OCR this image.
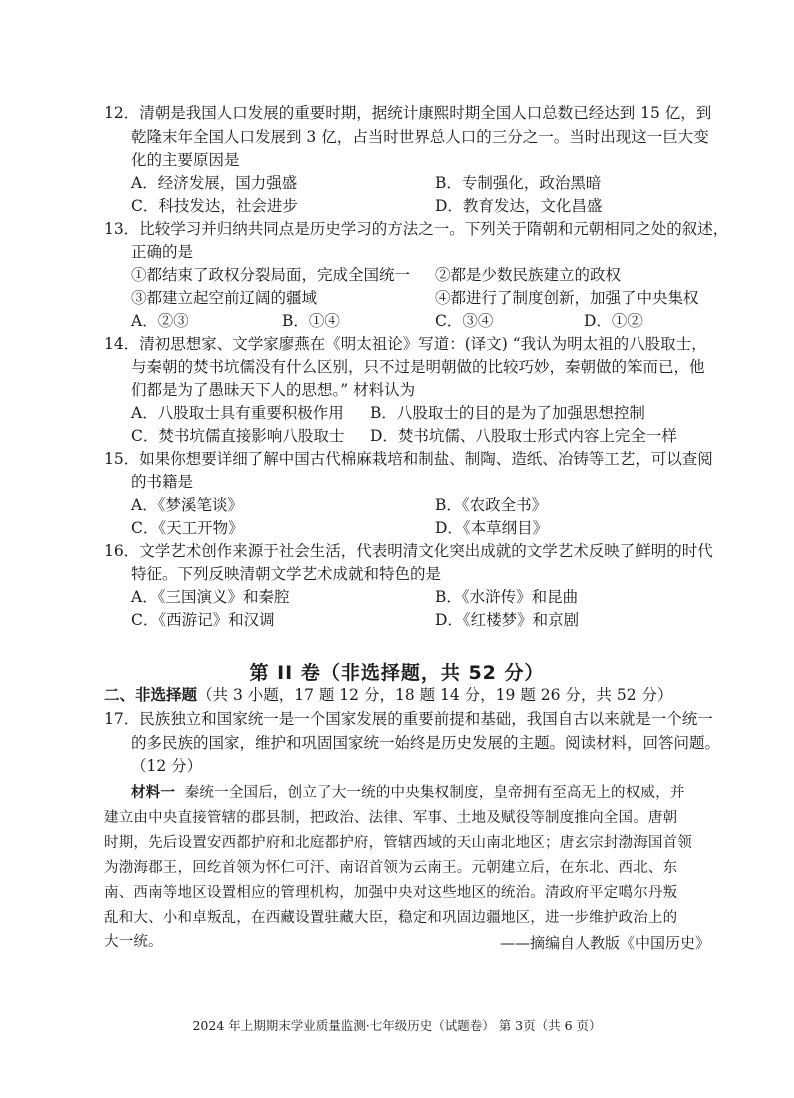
12．清朝是我国人口发展的重要时期，据统计康熙时期全国人口总数已经达到 15 亿，到
乾隆末年全国人口发展到 3 亿，占当时世界总人口的三分之一。当时出现这一巨大变
化的主要原因是
A．经济发展，国力强盛	B．专制强化，政治黑暗
C．科技发达，社会进步	D．教育发达，文化昌盛
13．比较学习并归纳共同点是历史学习的方法之一。下列关于隋朝和元朝相同之处的叙述，
正确的是
①都结束了政权分裂局面，完成全国统一 ②都是少数民族建立的政权
③都建立起空前辽阔的疆域	④都进行了制度创新，加强了中央集权
A．②③	B．①④	C．③④	D．①②
14．清初思想家、文学家廖燕在《明太祖论》写道：(译文) “我认为明太祖的八股取士，
与秦朝的焚书坑儒没有什么区别，只不过是明朝做的比较巧妙，秦朝做的笨而已，他
们都是为了愚昧天下人的思想。” 材料认为
A．八股取士具有重要积极作用 B．八股取士的目的是为了加强思想控制
C．焚书坑儒直接影响八股取士 D．焚书坑儒、八股取士形式内容上完全一样
15．如果你想要详细了解中国古代棉麻栽培和制盐、制陶、造纸、冶铸等工艺，可以查阅
的书籍是
A．《梦溪笔谈》	B．《农政全书》
C．《天工开物》	D．《本草纲目》
16．文学艺术创作来源于社会生活，代表明清文化突出成就的文学艺术反映了鲜明的时代
特征。下列反映清朝文学艺术成就和特色的是
A．《三国演义》和秦腔	B．《水浒传》和昆曲
C．《西游记》和汉调	D．《红楼梦》和京剧
第 II 卷（非选择题，共 52 分）
二、非选择题（共 3 小题，17 题 12 分，18 题 14 分，19 题 26 分，共 52 分）
17．民族独立和国家统一是一个国家发展的重要前提和基础，我国自古以来就是一个统一
的多民族的国家，维护和巩固国家统一始终是历史发展的主题。阅读材料，回答问题。
（12 分）
材料一 秦统一全国后，创立了大一统的中央集权制度，皇帝拥有至高无上的权威，并
建立由中央直接管辖的郡县制，把政治、法律、军事、土地及赋役等制度推向全国。唐朝
时期，先后设置安西都护府和北庭都护府，管辖西域的天山南北地区；唐玄宗封渤海国首领
为渤海郡王，回纥首领为怀仁可汗、南诏首领为云南王。元朝建立后，在东北、西北、东
南、西南等地区设置相应的管理机构，加强中央对这些地区的统治。清政府平定噶尔丹叛
乱和大、小和卓叛乱，在西藏设置驻藏大臣，稳定和巩固边疆地区，进一步维护政治上的
大一统。	——摘编自人教版《中国历史》
2024 年上期期末学业质量监测·七年级历史（试题卷） 第 3页（共 6 页）
